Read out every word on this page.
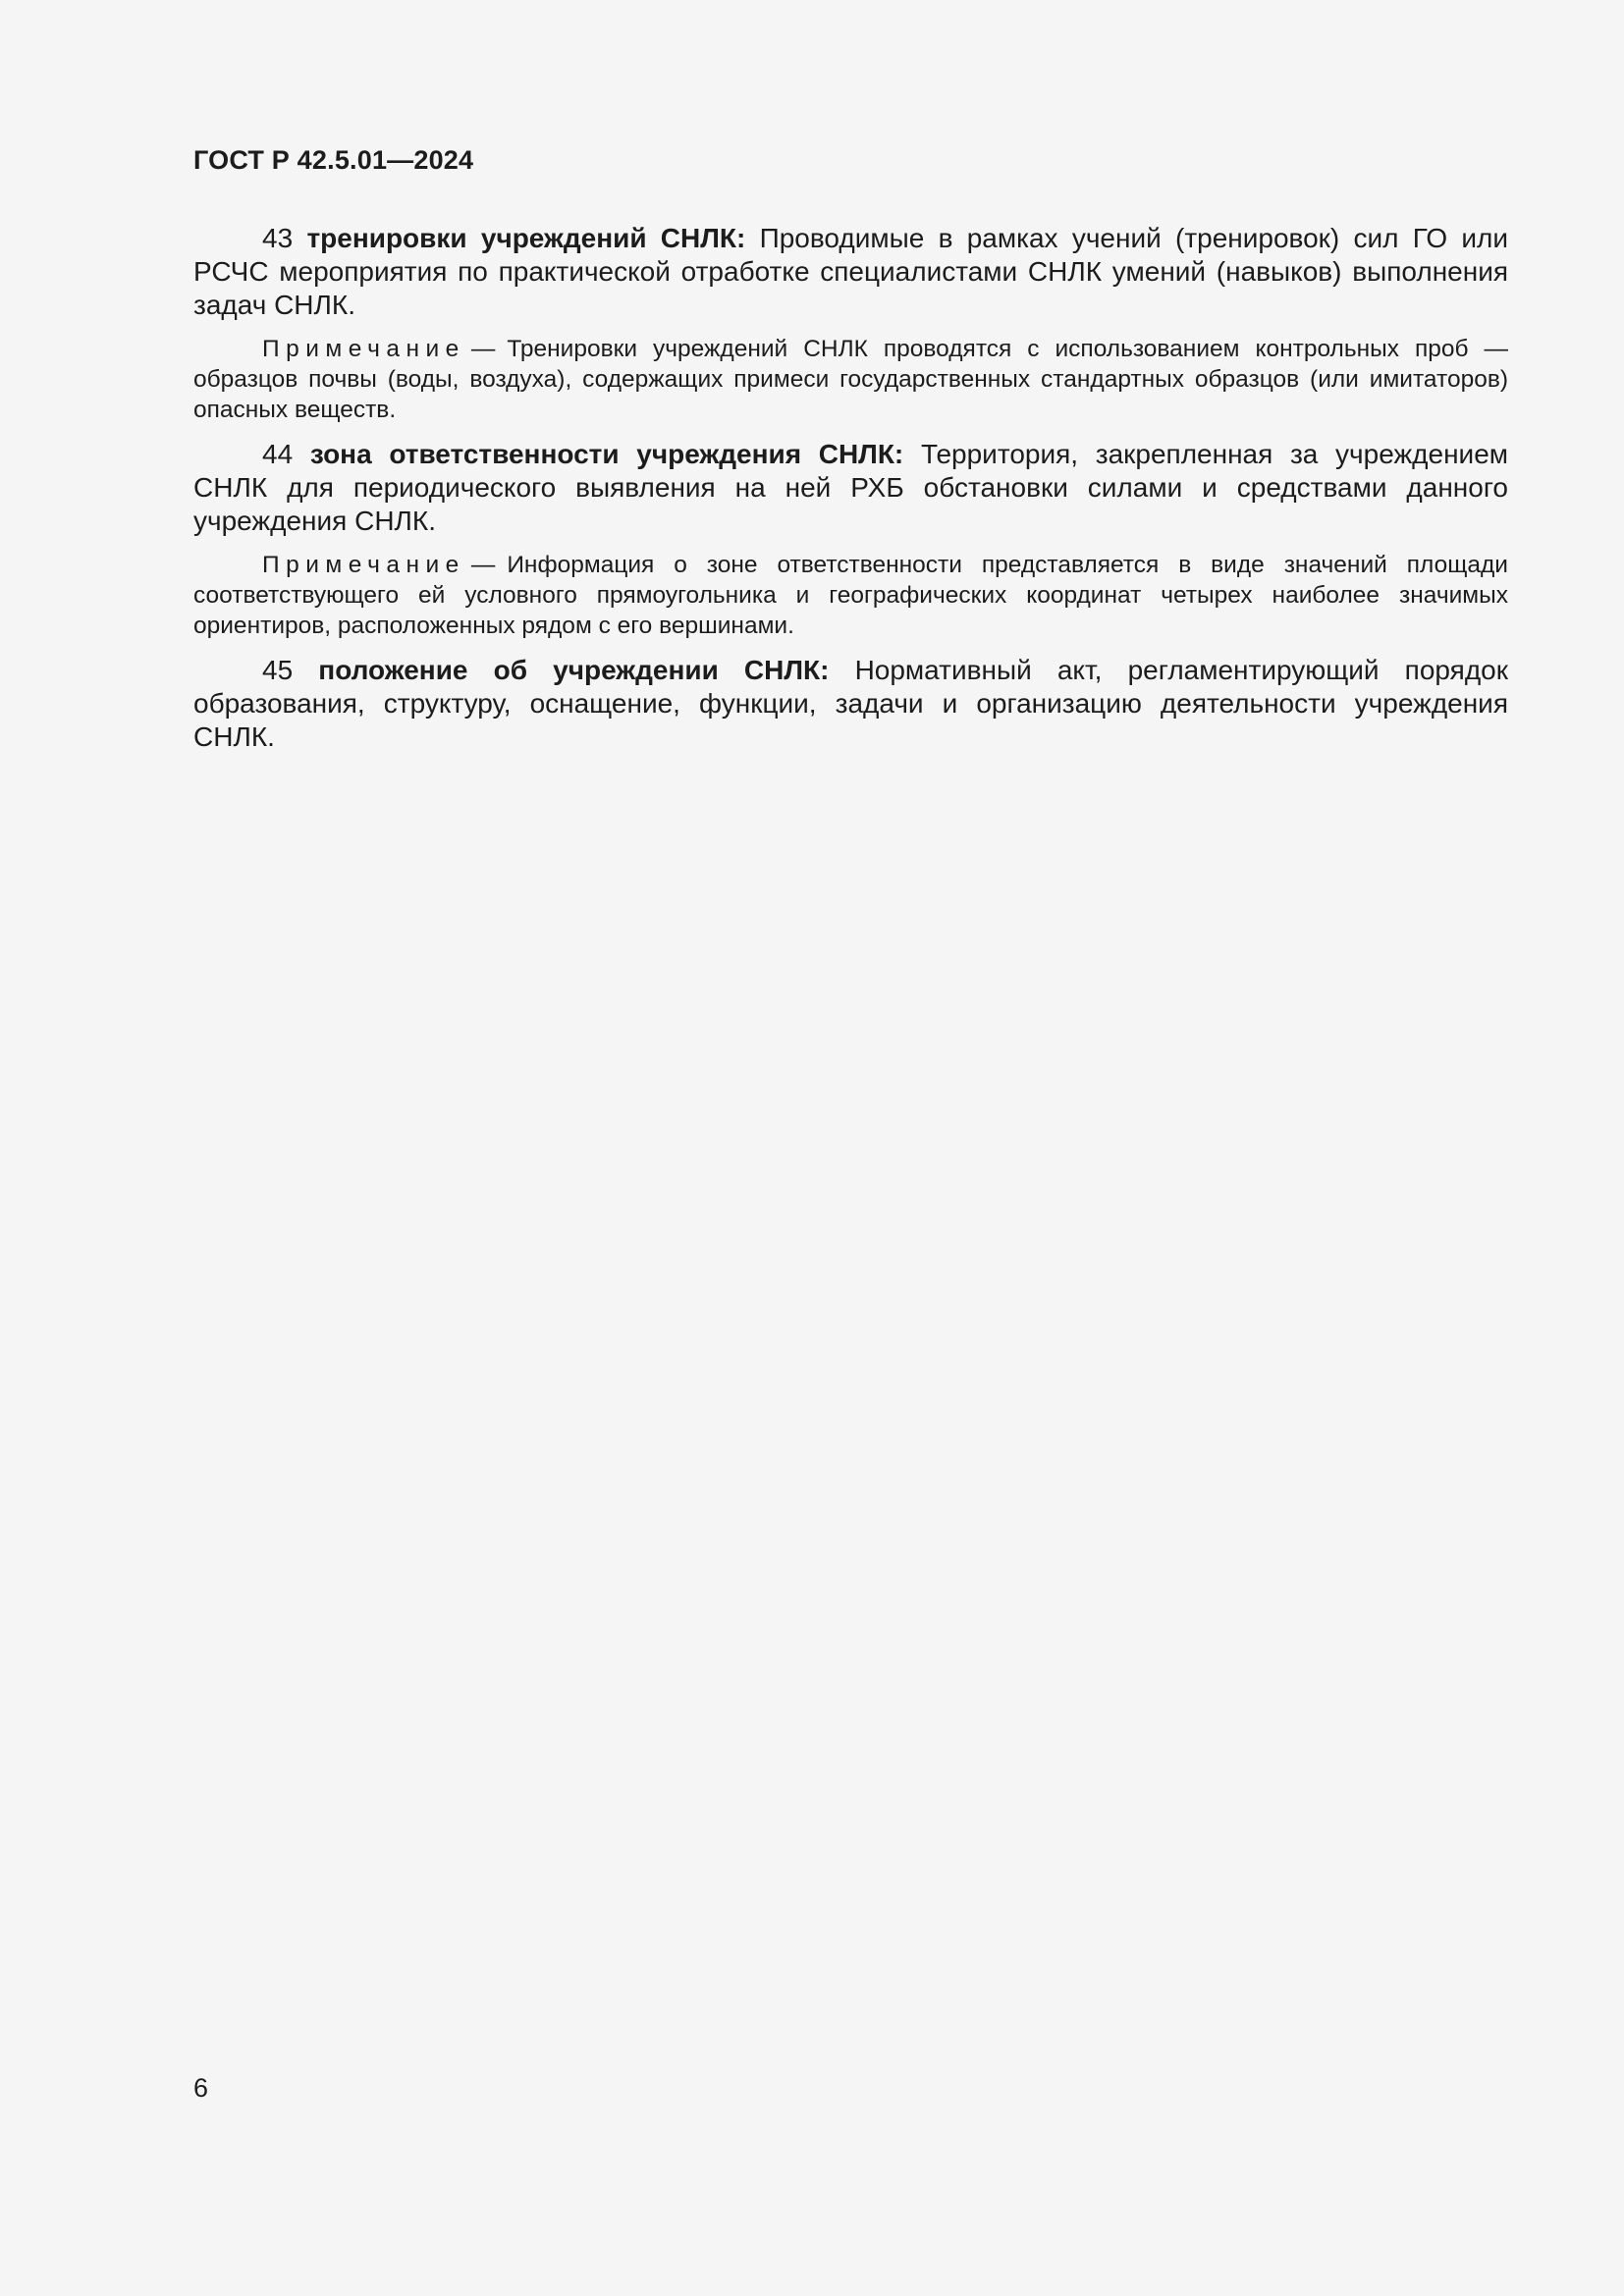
ГОСТ Р 42.5.01—2024

43 тренировки учреждений СНЛК: Проводимые в рамках учений (тренировок) сил ГО или РСЧС мероприятия по практической отработке специалистами СНЛК умений (навыков) выполнения задач СНЛК.

Примечание — Тренировки учреждений СНЛК проводятся с использованием контрольных проб — образцов почвы (воды, воздуха), содержащих примеси государственных стандартных образцов (или имитаторов) опасных веществ.

44 зона ответственности учреждения СНЛК: Территория, закрепленная за учреждением СНЛК для периодического выявления на ней РХБ обстановки силами и средствами данного учреждения СНЛК.

Примечание — Информация о зоне ответственности представляется в виде значений площади соответствующего ей условного прямоугольника и географических координат четырех наиболее значимых ориентиров, расположенных рядом с его вершинами.

45 положение об учреждении СНЛК: Нормативный акт, регламентирующий порядок образования, структуру, оснащение, функции, задачи и организацию деятельности учреждения СНЛК.

6
